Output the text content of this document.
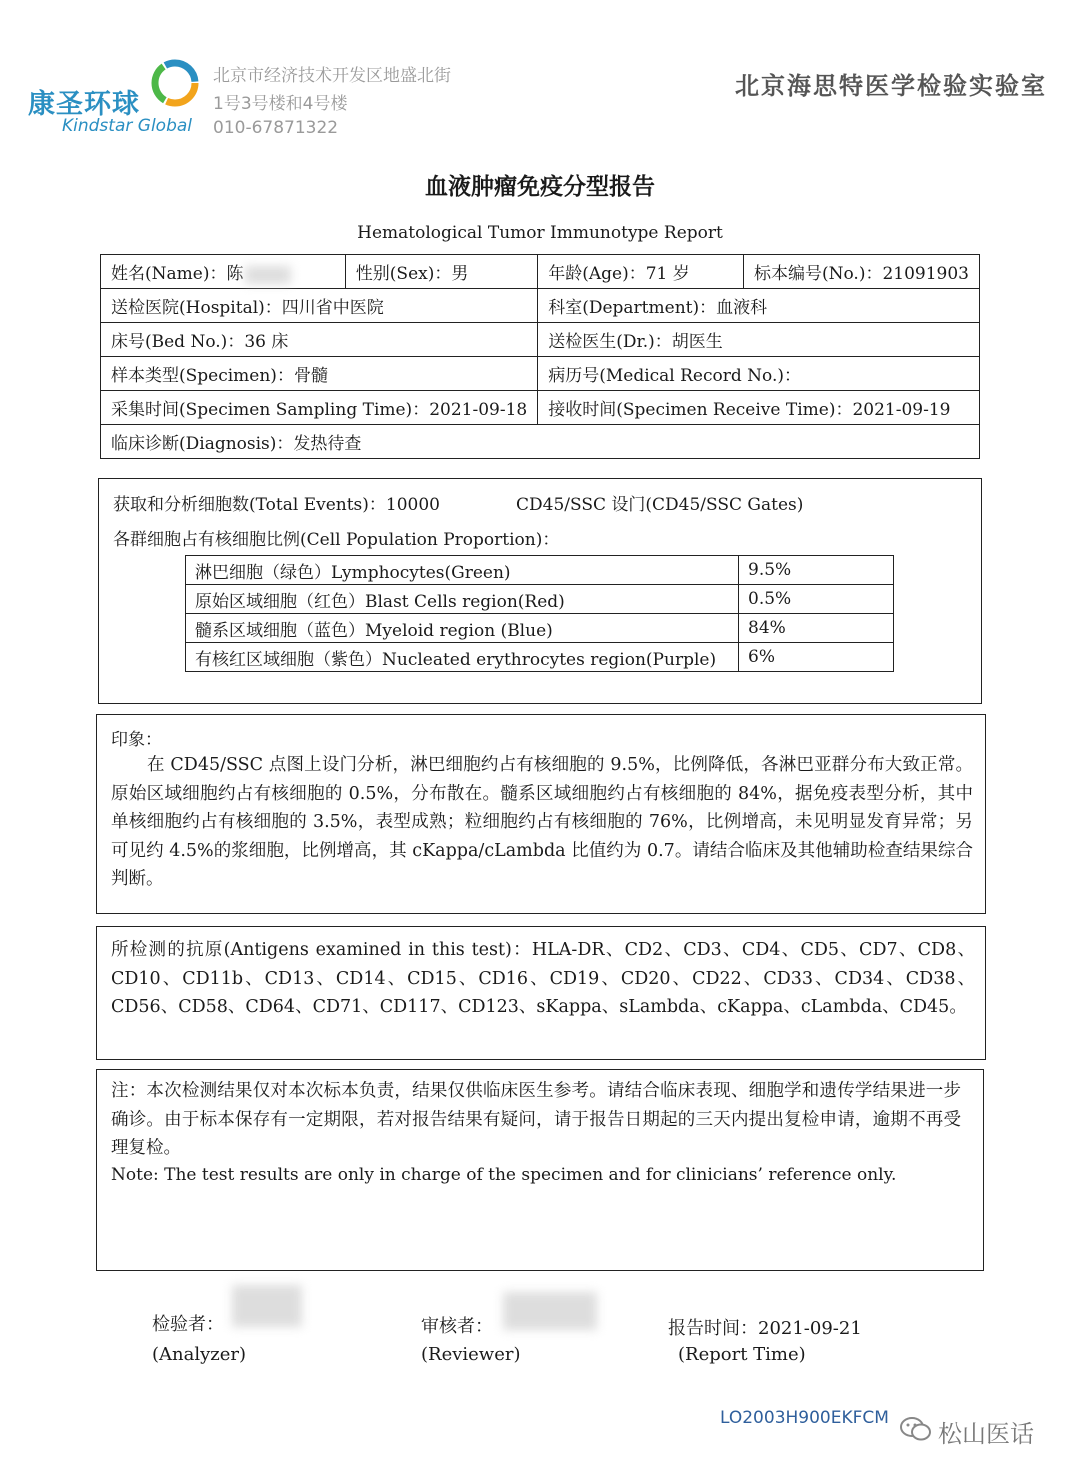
康圣环球
Kindstar Global
北京市经济技术开发区地盛北街
1号3号楼和4号楼
010-67871322
北京海思特医学检验实验室
血液肿瘤免疫分型报告
Hematological Tumor Immunotype Report
姓名(Name)：陈	性别(Sex)：男	年龄(Age)：71 岁	标本编号(No.)：21091903
送检医院(Hospital)：四川省中医院		科室(Department)：血液科	
床号(Bed No.)：36 床		送检医生(Dr.)：胡医生	
样本类型(Specimen)：骨髓		病历号(Medical Record No.)：	
采集时间(Specimen Sampling Time)：2021-09-18		接收时间(Specimen Receive Time)：2021-09-19	
临床诊断(Diagnosis)：发热待查			
获取和分析细胞数(Total Events)：10000	CD45/SSC 设门(CD45/SSC Gates)
各群细胞占有核细胞比例(Cell Population Proportion)：
淋巴细胞（绿色）Lymphocytes(Green)	9.5%
原始区域细胞（红色）Blast Cells region(Red)	0.5%
髓系区域细胞（蓝色）Myeloid region (Blue)	84%
有核红区域细胞（紫色）Nucleated erythrocytes region(Purple)	6%
印象：
在 CD45/SSC 点图上设门分析，淋巴细胞约占有核细胞的 9.5%，比例降低，各淋巴亚群分布大致正常。原始区域细胞约占有核细胞的 0.5%，分布散在。髓系区域细胞约占有核细胞的 84%，据免疫表型分析，其中单核细胞约占有核细胞的 3.5%，表型成熟；粒细胞约占有核细胞的 76%，比例增高，未见明显发育异常；另可见约 4.5%的浆细胞，比例增高，其 cKappa/cLambda 比值约为 0.7。请结合临床及其他辅助检查结果综合判断。
所检测的抗原(Antigens examined in this test)：HLA-DR、CD2、CD3、CD4、CD5、CD7、CD8、CD10、CD11b、CD13、CD14、CD15、CD16、CD19、CD20、CD22、CD33、CD34、CD38、CD56、CD58、CD64、CD71、CD117、CD123、sKappa、sLambda、cKappa、cLambda、CD45。
注：本次检测结果仅对本次标本负责，结果仅供临床医生参考。请结合临床表现、细胞学和遗传学结果进一步确诊。由于标本保存有一定期限，若对报告结果有疑问，请于报告日期起的三天内提出复检申请，逾期不再受理复检。
Note: The test results are only in charge of the specimen and for clinicians’ reference only.
检验者：
(Analyzer)
审核者：
(Reviewer)
报告时间：2021-09-21
(Report Time)
LO2003H900EKFCM
松山医话
